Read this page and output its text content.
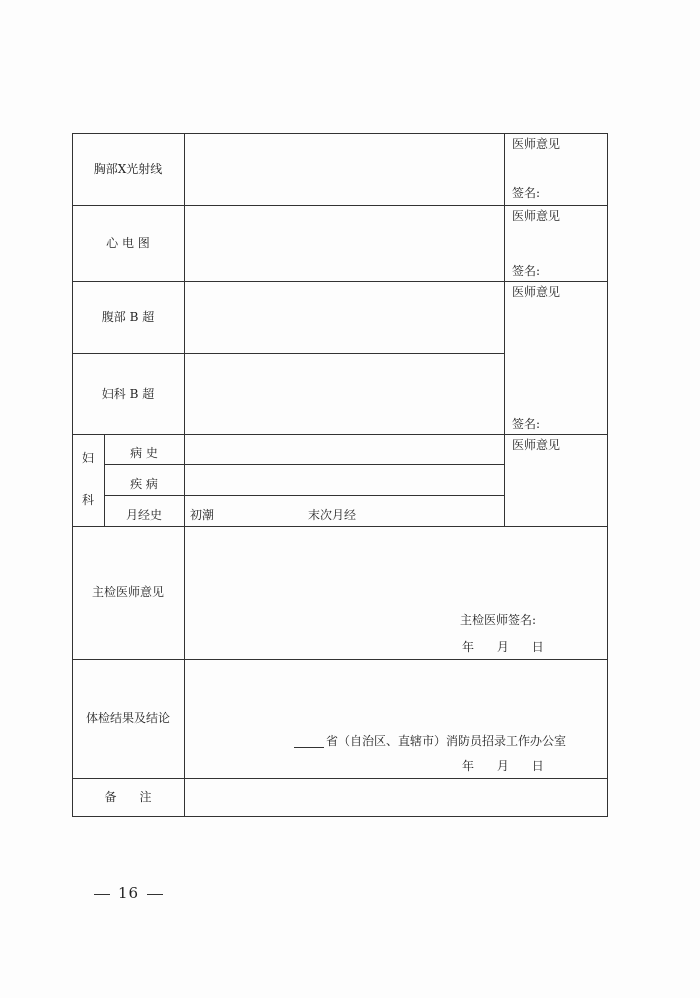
胸部X光射线
医师意见
签名:
心 电 图
医师意见
签名:
腹部 B 超
妇科 B 超
医师意见
签名:
妇
科
病 史
疾 病
月经史 初潮	末次月经
医师意见
主检医师意见
主检医师签名:
年      月      日
体检结果及结论
省（自治区、直辖市）消防员招录工作办公室
年      月      日
备      注
16
